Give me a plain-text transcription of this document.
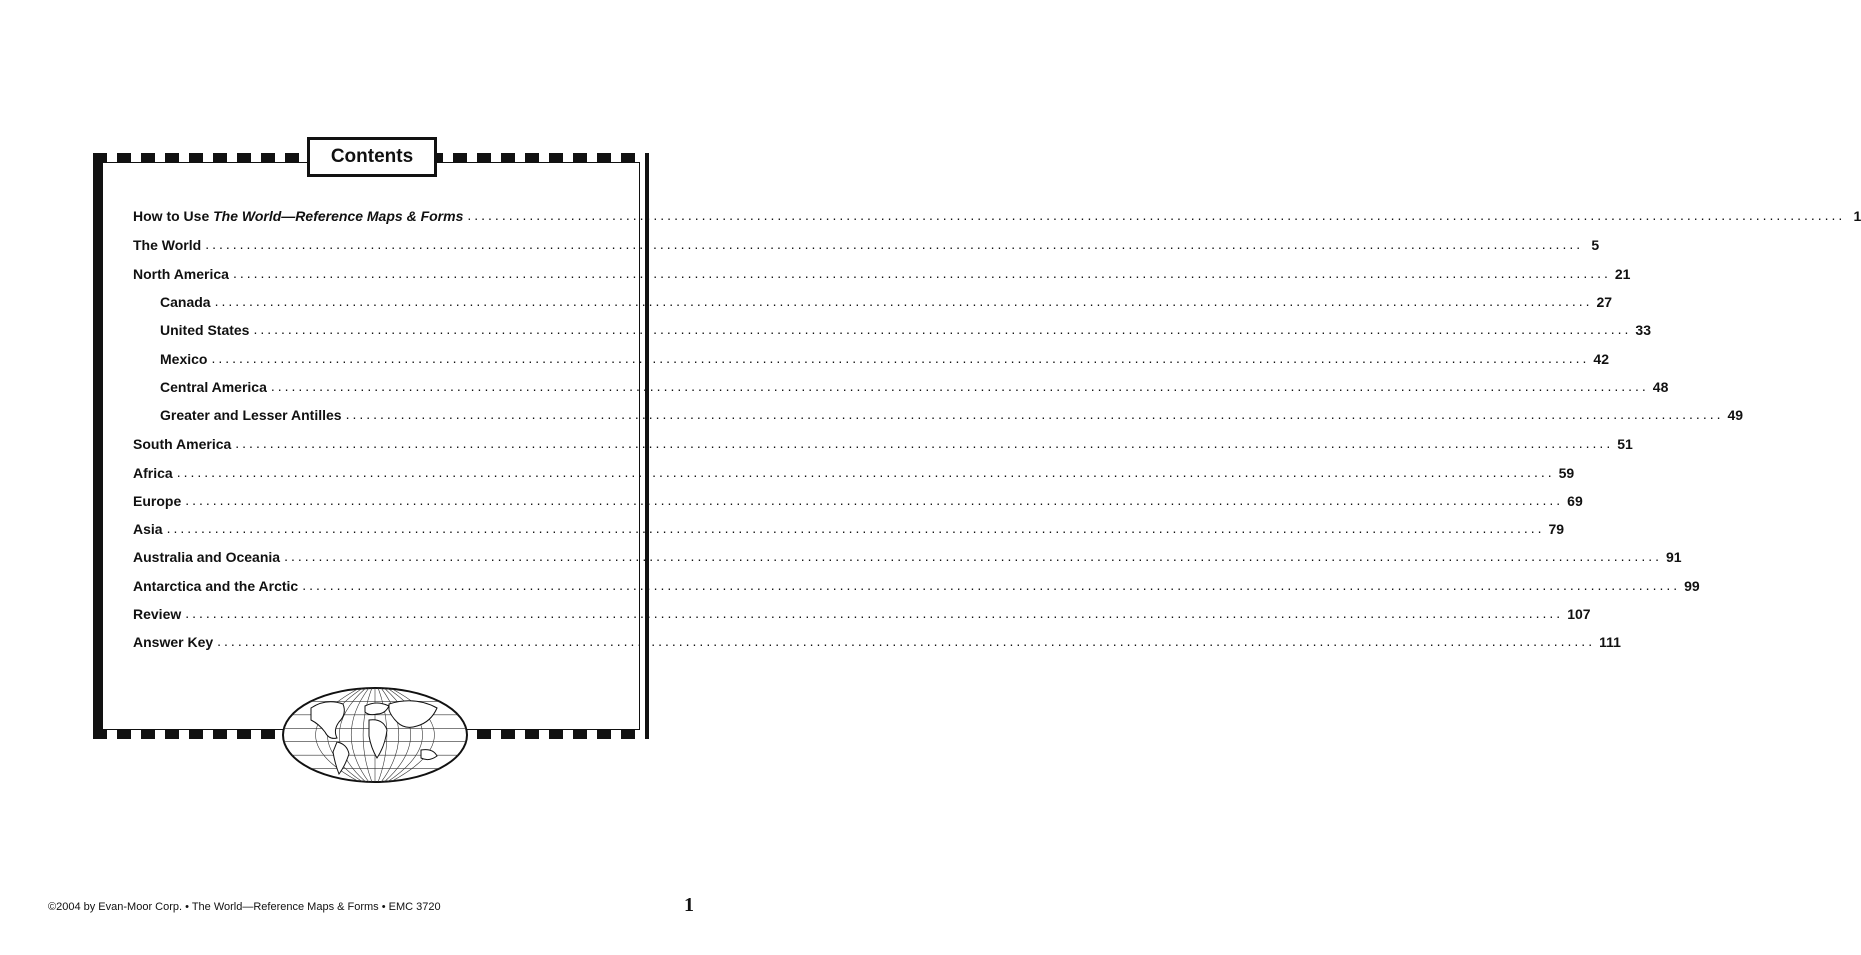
Contents
How to Use The World—Reference Maps & Forms ........................................................................................................................................................................................................ 1
The World ........................................................................................................................................................................................................ 5
North America ........................................................................................................................................................................................................ 21
Canada ........................................................................................................................................................................................................ 27
United States ........................................................................................................................................................................................................ 33
Mexico ........................................................................................................................................................................................................ 42
Central America ........................................................................................................................................................................................................ 48
Greater and Lesser Antilles ........................................................................................................................................................................................................ 49
South America ........................................................................................................................................................................................................ 51
Africa ........................................................................................................................................................................................................ 59
Europe ........................................................................................................................................................................................................ 69
Asia ........................................................................................................................................................................................................ 79
Australia and Oceania ........................................................................................................................................................................................................ 91
Antarctica and the Arctic ........................................................................................................................................................................................................ 99
Review ........................................................................................................................................................................................................ 107
Answer Key ........................................................................................................................................................................................................ 111
©2004 by Evan-Moor Corp. • The World—Reference Maps & Forms • EMC 3720	1
